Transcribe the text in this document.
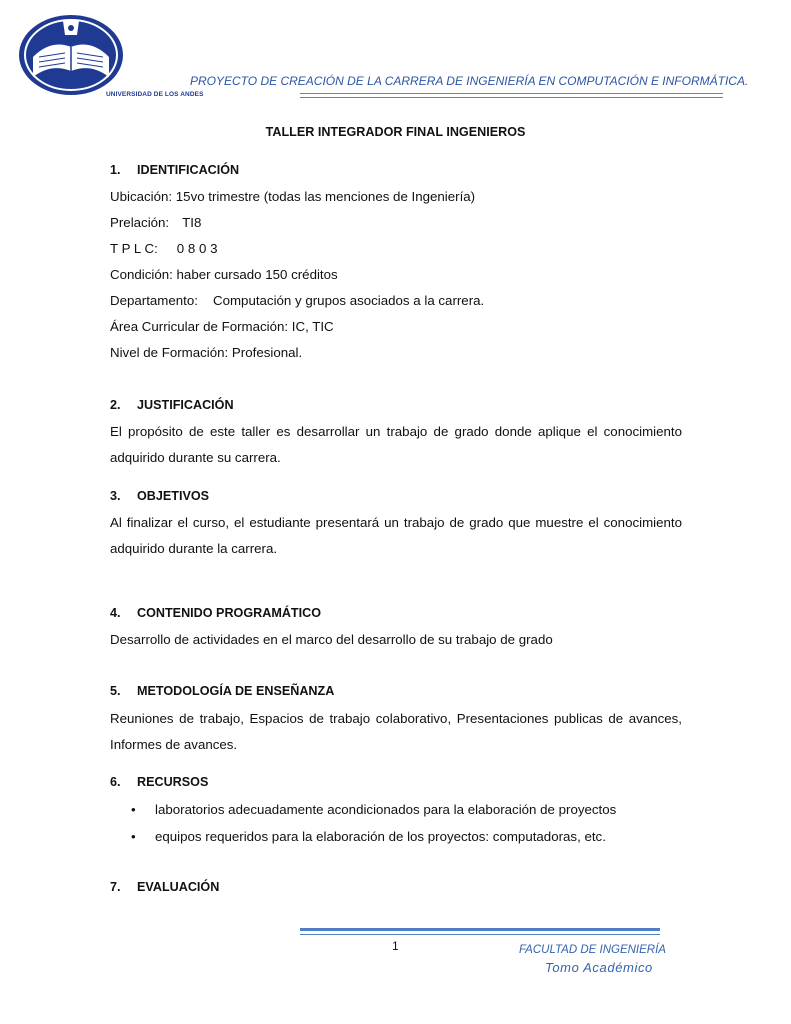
UNIVERSIDAD DE LOS ANDES
PROYECTO DE CREACIÓN DE LA CARRERA DE INGENIERÍA EN COMPUTACIÓN E INFORMÁTICA.
TALLER INTEGRADOR FINAL INGENIEROS
1. IDENTIFICACIÓN
Ubicación: 15vo trimestre (todas las menciones de Ingeniería)
Prelación: TI8
T P L C: 0 8 0 3
Condición: haber cursado 150 créditos
Departamento: Computación y grupos asociados a la carrera.
Área Curricular de Formación: IC, TIC
Nivel de Formación: Profesional.
2. JUSTIFICACIÓN
El propósito de este taller es desarrollar un trabajo de grado donde aplique el conocimiento adquirido durante su carrera.
3. OBJETIVOS
Al finalizar el curso, el estudiante presentará un trabajo de grado que muestre el conocimiento adquirido durante la carrera.
4. CONTENIDO PROGRAMÁTICO
Desarrollo de actividades en el marco del desarrollo de su trabajo de grado
5. METODOLOGÍA DE ENSEÑANZA
Reuniones de trabajo, Espacios de trabajo colaborativo, Presentaciones publicas de avances, Informes de avances.
6. RECURSOS
• laboratorios adecuadamente acondicionados para la elaboración de proyectos
• equipos requeridos para la elaboración de los proyectos: computadoras, etc.
7. EVALUACIÓN
1	FACULTAD DE INGENIERÍA
Tomo Académico
